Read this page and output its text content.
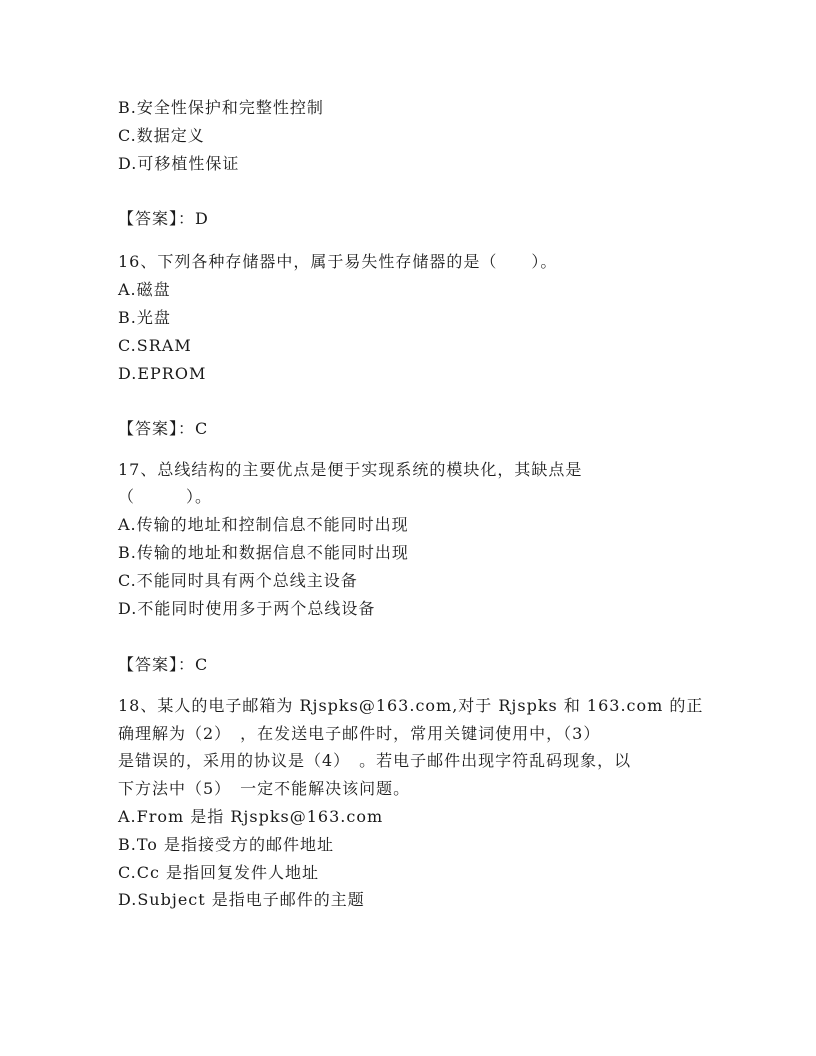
B.安全性保护和完整性控制
C.数据定义
D.可移植性保证
【答案】：D
16、下列各种存储器中，属于易失性存储器的是（　　）。
A.磁盘
B.光盘
C.SRAM
D.EPROM
【答案】：C
17、总线结构的主要优点是便于实现系统的模块化，其缺点是
（　　　）。
A.传输的地址和控制信息不能同时出现
B.传输的地址和数据信息不能同时出现
C.不能同时具有两个总线主设备
D.不能同时使用多于两个总线设备
【答案】：C
18、某人的电子邮箱为 Rjspks@163.com,对于 Rjspks 和 163.com 的正
确理解为（2）　，在发送电子邮件时，常用关键词使用中，（3）
是错误的，采用的协议是（4）　。若电子邮件出现字符乱码现象，以
下方法中（5）　一定不能解决该问题。
A.From 是指 Rjspks@163.com
B.To 是指接受方的邮件地址
C.Cc 是指回复发件人地址
D.Subject 是指电子邮件的主题
